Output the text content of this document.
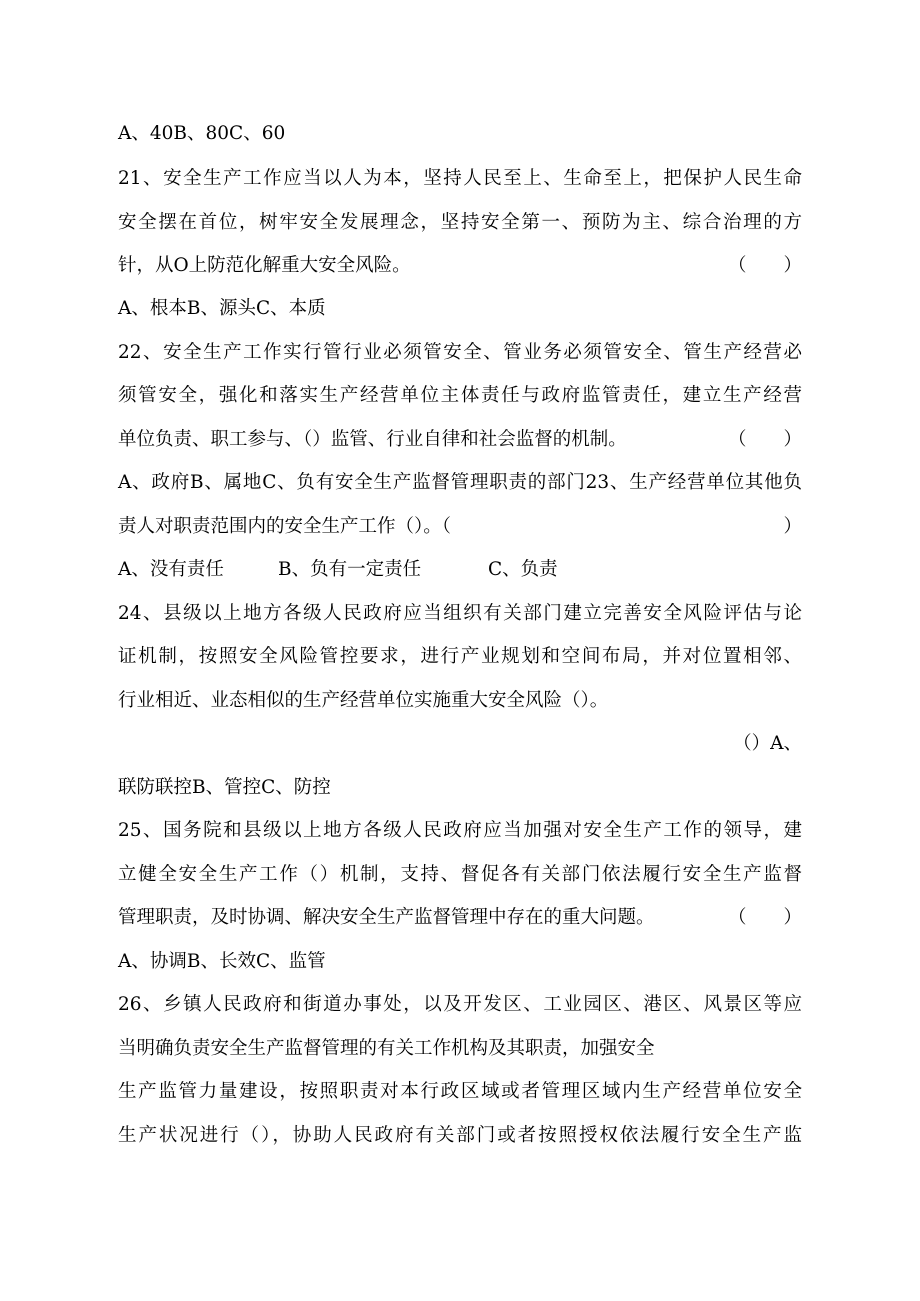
A、40B、80C、60
21、安全生产工作应当以人为本，坚持人民至上、生命至上，把保护人民生命
安全摆在首位，树牢安全发展理念，坚持安全第一、预防为主、综合治理的方
针，从O上防范化解重大安全风险。	（　　）
A、根本B、源头C、本质
22、安全生产工作实行管行业必须管安全、管业务必须管安全、管生产经营必
须管安全，强化和落实生产经营单位主体责任与政府监管责任，建立生产经营
单位负责、职工参与、（）监管、行业自律和社会监督的机制。	（　　）
A、政府B、属地C、负有安全生产监督管理职责的部门23、生产经营单位其他负
责人对职责范围内的安全生产工作（）。（	）
A、没有责任	B、负有一定责任	C、负责
24、县级以上地方各级人民政府应当组织有关部门建立完善安全风险评估与论
证机制，按照安全风险管控要求，进行产业规划和空间布局，并对位置相邻、
行业相近、业态相似的生产经营单位实施重大安全风险（）。
（）A、
联防联控B、管控C、防控
25、国务院和县级以上地方各级人民政府应当加强对安全生产工作的领导，建
立健全安全生产工作（）机制，支持、督促各有关部门依法履行安全生产监督
管理职责，及时协调、解决安全生产监督管理中存在的重大问题。	（　　）
A、协调B、长效C、监管
26、乡镇人民政府和街道办事处，以及开发区、工业园区、港区、风景区等应
当明确负责安全生产监督管理的有关工作机构及其职责，加强安全
生产监管力量建设，按照职责对本行政区域或者管理区域内生产经营单位安全
生产状况进行（），协助人民政府有关部门或者按照授权依法履行安全生产监
